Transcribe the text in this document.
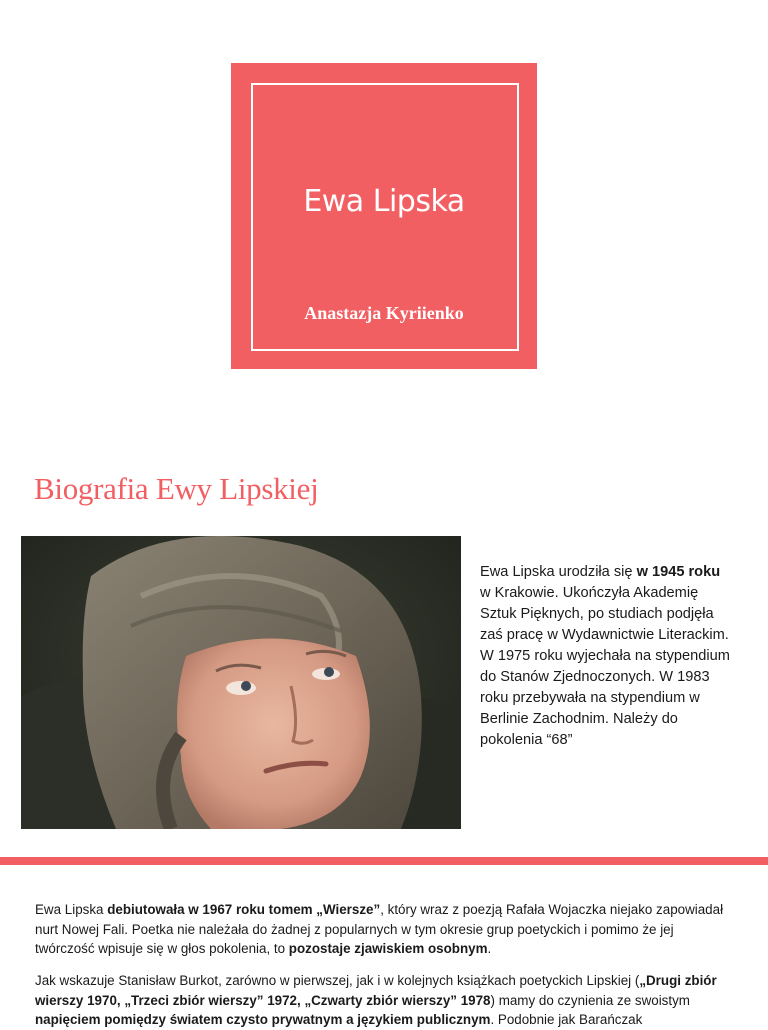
Ewa Lipska
Anastazja Kyriienko
Biografia Ewy Lipskiej
Ewa Lipska urodziła się w 1945 roku w Krakowie. Ukończyła Akademię Sztuk Pięknych, po studiach podjęła zaś pracę w Wydawnictwie Literackim. W 1975 roku wyjechała na stypendium do Stanów Zjednoczonych. W 1983 roku przebywała na stypendium w Berlinie Zachodnim. Należy do pokolenia “68”

Ewa Lipska debiutowała w 1967 roku tomem „Wiersze”, który wraz z poezją Rafała Wojaczka niejako zapowiadał nurt Nowej Fali. Poetka nie należała do żadnej z popularnych w tym okresie grup poetyckich i pomimo że jej twórczość wpisuje się w głos pokolenia, to pozostaje zjawiskiem osobnym.

Jak wskazuje Stanisław Burkot, zarówno w pierwszej, jak i w kolejnych książkach poetyckich Lipskiej („Drugi zbiór wierszy 1970, „Trzeci zbiór wierszy” 1972, „Czwarty zbiór wierszy” 1978) mamy do czynienia ze swoistym napięciem pomiędzy światem czysto prywatnym a językiem publicznym. Podobnie jak Barańczak
